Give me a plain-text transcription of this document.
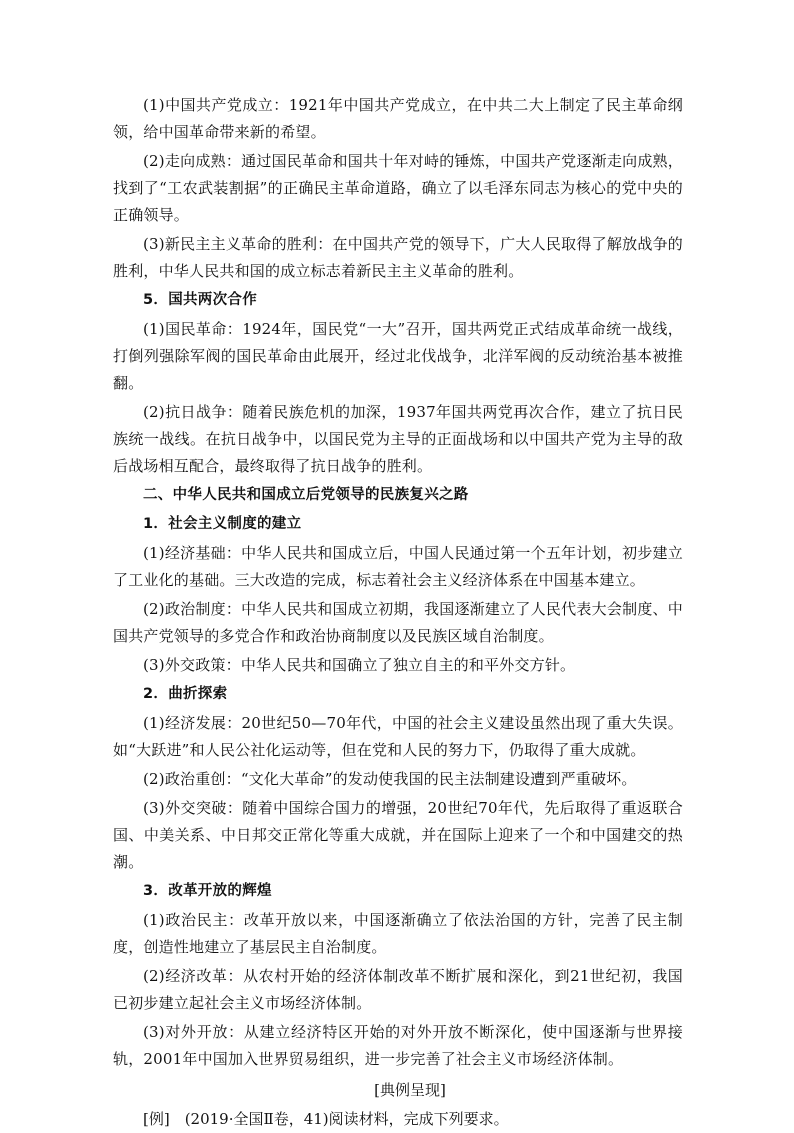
(1)中国共产党成立：1921年中国共产党成立，在中共二大上制定了民主革命纲领，给中国革命带来新的希望。

(2)走向成熟：通过国民革命和国共十年对峙的锤炼，中国共产党逐渐走向成熟，找到了“工农武装割据”的正确民主革命道路，确立了以毛泽东同志为核心的党中央的正确领导。

(3)新民主主义革命的胜利：在中国共产党的领导下，广大人民取得了解放战争的胜利，中华人民共和国的成立标志着新民主主义革命的胜利。

5．国共两次合作

(1)国民革命：1924年，国民党“一大”召开，国共两党正式结成革命统一战线，打倒列强除军阀的国民革命由此展开，经过北伐战争，北洋军阀的反动统治基本被推翻。

(2)抗日战争：随着民族危机的加深，1937年国共两党再次合作，建立了抗日民族统一战线。在抗日战争中，以国民党为主导的正面战场和以中国共产党为主导的敌后战场相互配合，最终取得了抗日战争的胜利。

二、中华人民共和国成立后党领导的民族复兴之路

1．社会主义制度的建立

(1)经济基础：中华人民共和国成立后，中国人民通过第一个五年计划，初步建立了工业化的基础。三大改造的完成，标志着社会主义经济体系在中国基本建立。

(2)政治制度：中华人民共和国成立初期，我国逐渐建立了人民代表大会制度、中国共产党领导的多党合作和政治协商制度以及民族区域自治制度。

(3)外交政策：中华人民共和国确立了独立自主的和平外交方针。

2．曲折探索

(1)经济发展：20世纪50—70年代，中国的社会主义建设虽然出现了重大失误。如“大跃进”和人民公社化运动等，但在党和人民的努力下，仍取得了重大成就。

(2)政治重创：“文化大革命”的发动使我国的民主法制建设遭到严重破坏。

(3)外交突破：随着中国综合国力的增强，20世纪70年代，先后取得了重返联合国、中美关系、中日邦交正常化等重大成就，并在国际上迎来了一个和中国建交的热潮。

3．改革开放的辉煌

(1)政治民主：改革开放以来，中国逐渐确立了依法治国的方针，完善了民主制度，创造性地建立了基层民主自治制度。

(2)经济改革：从农村开始的经济体制改革不断扩展和深化，到21世纪初，我国已初步建立起社会主义市场经济体制。

(3)对外开放：从建立经济特区开始的对外开放不断深化，使中国逐渐与世界接轨，2001年中国加入世界贸易组织，进一步完善了社会主义市场经济体制。

[典例呈现]

[例]　(2019·全国Ⅱ卷，41)阅读材料，完成下列要求。
